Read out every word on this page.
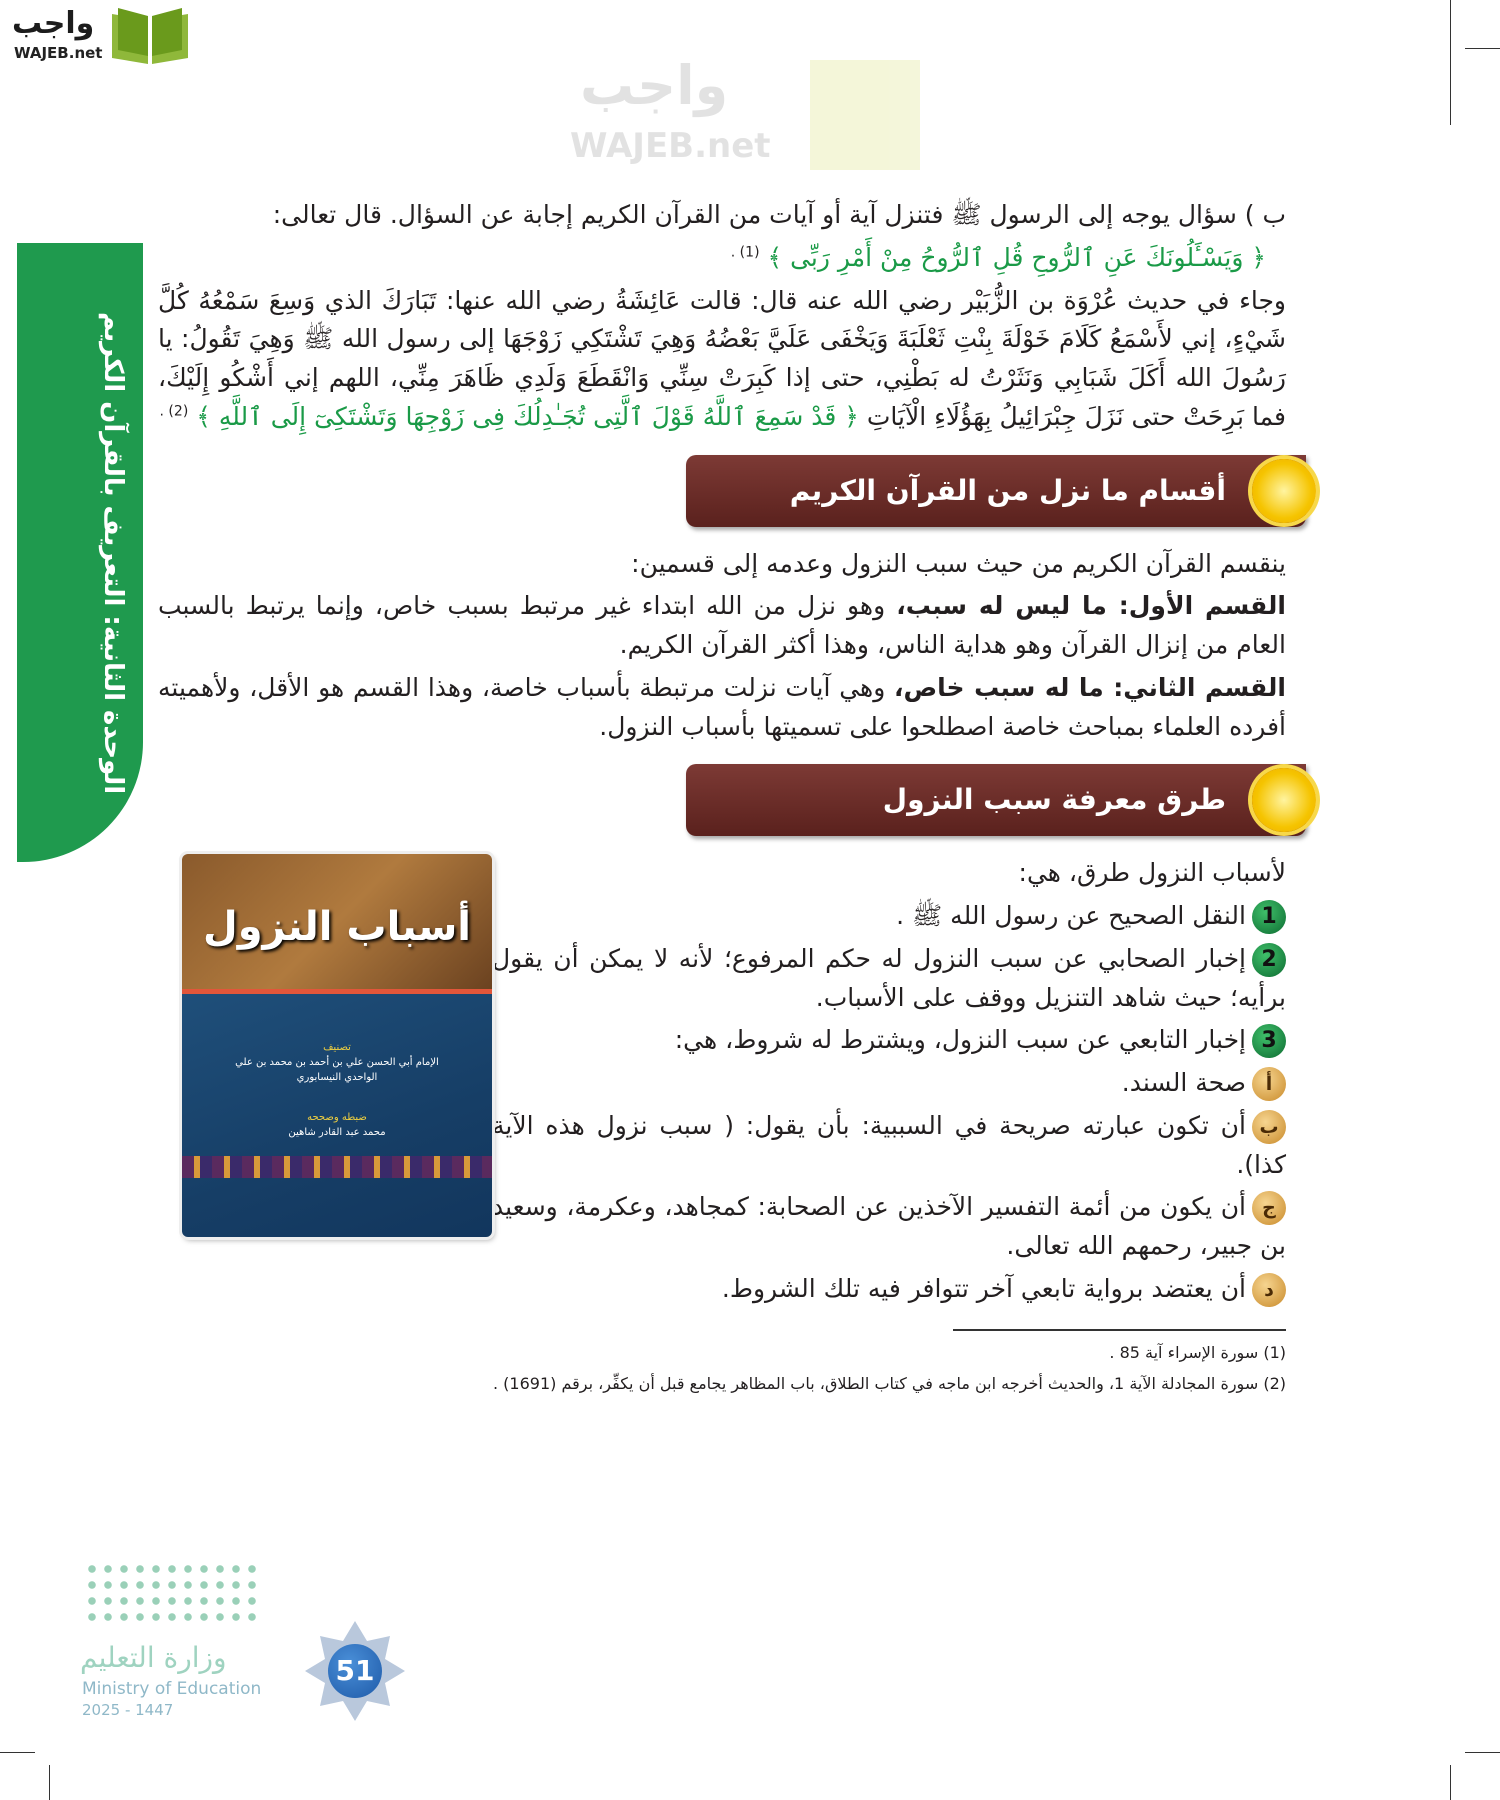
واجب
WAJEB.net
واجب
WAJEB.net
الوحدة الثانية: التعريف بالقرآن الكريم

ب ) سؤال يوجه إلى الرسول ﷺ فتنزل آية أو آيات من القرآن الكريم إجابة عن السؤال. قال تعالى:

﴿ وَيَسْـَٔلُونَكَ عَنِ ٱلرُّوحِ قُلِ ٱلرُّوحُ مِنْ أَمْرِ رَبِّى ﴾ $^{(1) .}$

وجاء في حديث عُرْوَة بن الزُّبَيْر رضي الله عنه قال: قالت عَائِشَةُ رضي الله عنها: تَبَارَكَ الذي وَسِعَ سَمْعُهُ كُلَّ شَيْءٍ، إني لأَسْمَعُ كَلَامَ خَوْلَةَ بِنْتِ ثَعْلَبَةَ وَيَخْفَى عَلَيَّ بَعْضُهُ وَهِيَ تَشْتَكِي زَوْجَهَا إلى رسول الله ﷺ وَهِيَ تَقُولُ: يا رَسُولَ الله أَكَلَ شَبَابِي وَنَثَرْتُ له بَطْنِي، حتى إذا كَبِرَتْ سِنِّي وَانْقَطَعَ وَلَدِي ظَاهَرَ مِنِّي، اللهم إني أَشْكُو إِلَيْكَ، فما بَرِحَتْ حتى نَزَلَ جِبْرَائِيلُ بِهَؤُلَاءِ الْآيَاتِ ﴿ قَدْ سَمِعَ ٱللَّهُ قَوْلَ ٱلَّتِى تُجَـٰدِلُكَ فِى زَوْجِهَا وَتَشْتَكِىٓ إِلَى ٱللَّهِ ﴾ $^{(2) .}$

أقسام ما نزل من القرآن الكريم

ينقسم القرآن الكريم من حيث سبب النزول وعدمه إلى قسمين:

القسم الأول: ما ليس له سبب، وهو نزل من الله ابتداء غير مرتبط بسبب خاص، وإنما يرتبط بالسبب العام من إنزال القرآن وهو هداية الناس، وهذا أكثر القرآن الكريم.

القسم الثاني: ما له سبب خاص، وهي آيات نزلت مرتبطة بأسباب خاصة، وهذا القسم هو الأقل، ولأهميته أفرده العلماء بمباحث خاصة اصطلحوا على تسميتها بأسباب النزول.

طرق معرفة سبب النزول
أسباب النزول
تصنيف
الإمام أبي الحسن علي بن أحمد بن محمد بن علي
الواحدي النيسابوري
ضبطه وصححه
محمد عبد القادر شاهين

لأسباب النزول طرق، هي:

1النقل الصحيح عن رسول الله ﷺ .

2إخبار الصحابي عن سبب النزول له حكم المرفوع؛ لأنه لا يمكن أن يقول برأيه؛ حيث شاهد التنزيل ووقف على الأسباب.

3إخبار التابعي عن سبب النزول، ويشترط له شروط، هي:

أصحة السند.

بأن تكون عبارته صريحة في السببية: بأن يقول: ( سبب نزول هذه الآية كذا).

جأن يكون من أئمة التفسير الآخذين عن الصحابة: كمجاهد، وعكرمة، وسعيد بن جبير، رحمهم الله تعالى.

دأن يعتضد برواية تابعي آخر تتوافر فيه تلك الشروط.

(1) سورة الإسراء آية 85 .

(2) سورة المجادلة الآية 1، والحديث أخرجه ابن ماجه في كتاب الطلاق، باب المظاهر يجامع قبل أن يكفِّر، برقم (1691) .

وزارة التعليم
Ministry of Education
2025 - 1447
51
